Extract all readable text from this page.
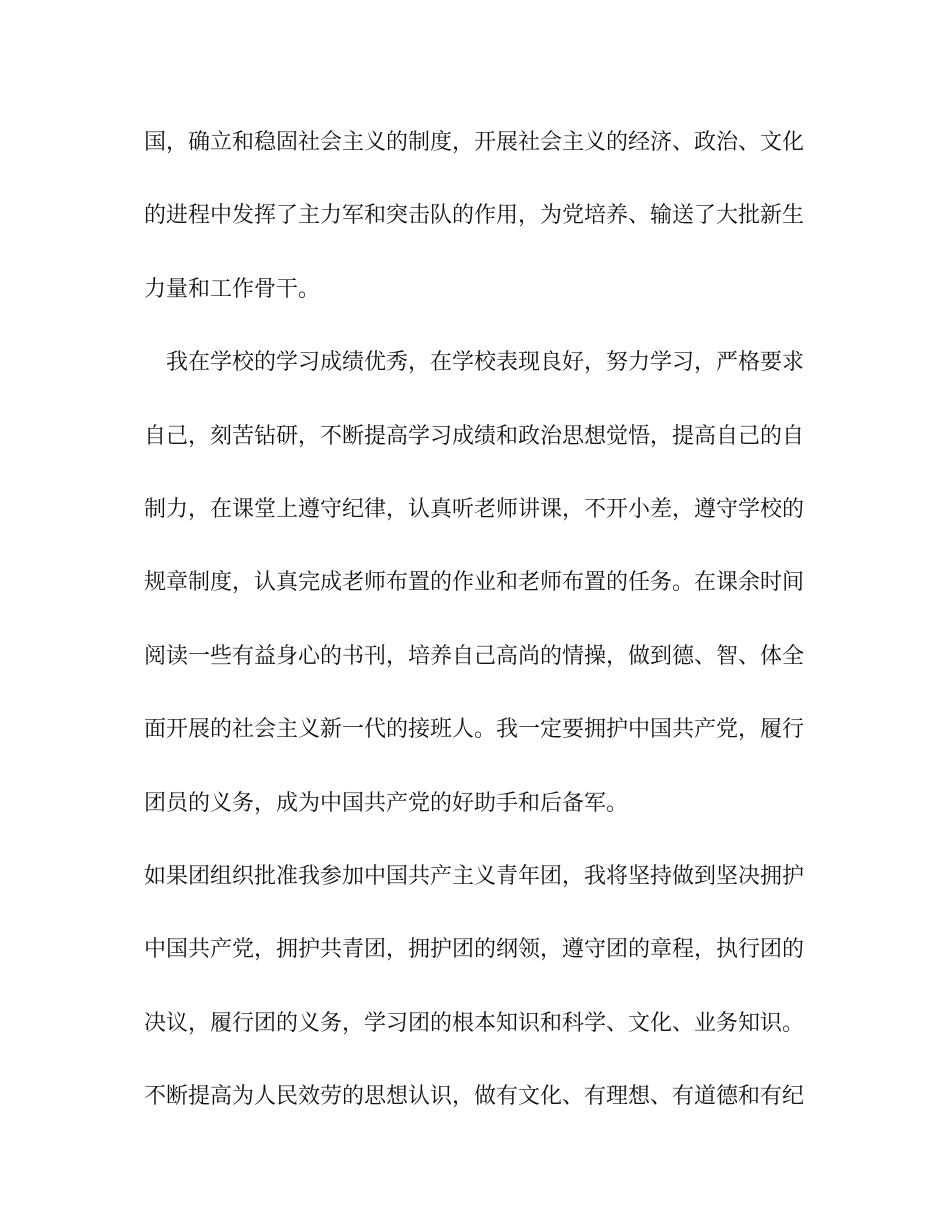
国，确立和稳固社会主义的制度，开展社会主义的经济、政治、文化
的进程中发挥了主力军和突击队的作用，为党培养、输送了大批新生
力量和工作骨干。
我在学校的学习成绩优秀，在学校表现良好，努力学习，严格要求
自己，刻苦钻研，不断提高学习成绩和政治思想觉悟，提高自己的自
制力，在课堂上遵守纪律，认真听老师讲课，不开小差，遵守学校的
规章制度，认真完成老师布置的作业和老师布置的任务。在课余时间
阅读一些有益身心的书刊，培养自己高尚的情操，做到德、智、体全
面开展的社会主义新一代的接班人。我一定要拥护中国共产党，履行
团员的义务，成为中国共产党的好助手和后备军。
如果团组织批准我参加中国共产主义青年团，我将坚持做到坚决拥护
中国共产党，拥护共青团，拥护团的纲领，遵守团的章程，执行团的
决议，履行团的义务，学习团的根本知识和科学、文化、业务知识。
不断提高为人民效劳的思想认识，做有文化、有理想、有道德和有纪
